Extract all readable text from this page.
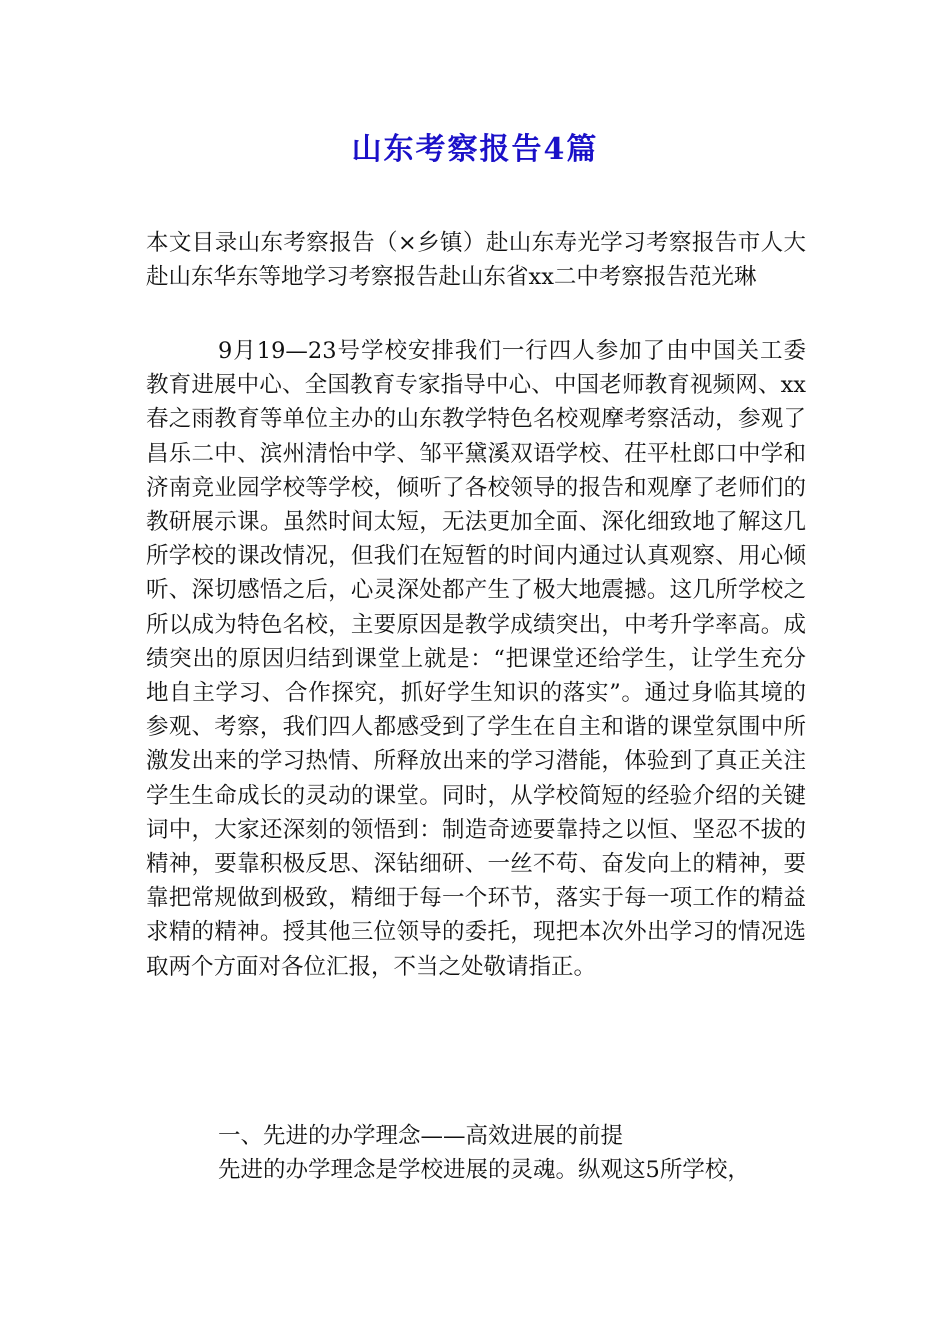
山东考察报告4篇
本文目录山东考察报告（×乡镇）赴山东寿光学习考察报告市人大赴山东华东等地学习考察报告赴山东省xx二中考察报告范光琳
9月19—23号学校安排我们一行四人参加了由中国关工委教育进展中心、全国教育专家指导中心、中国老师教育视频网、xx春之雨教育等单位主办的山东教学特色名校观摩考察活动，参观了昌乐二中、滨州清怡中学、邹平黛溪双语学校、茌平杜郎口中学和济南竞业园学校等学校，倾听了各校领导的报告和观摩了老师们的教研展示课。虽然时间太短，无法更加全面、深化细致地了解这几所学校的课改情况，但我们在短暂的时间内通过认真观察、用心倾听、深切感悟之后，心灵深处都产生了极大地震撼。这几所学校之所以成为特色名校，主要原因是教学成绩突出，中考升学率高。成绩突出的原因归结到课堂上就是：“把课堂还给学生，让学生充分地自主学习、合作探究，抓好学生知识的落实”。通过身临其境的参观、考察，我们四人都感受到了学生在自主和谐的课堂氛围中所激发出来的学习热情、所释放出来的学习潜能，体验到了真正关注学生生命成长的灵动的课堂。同时，从学校简短的经验介绍的关键词中，大家还深刻的领悟到：制造奇迹要靠持之以恒、坚忍不拔的精神，要靠积极反思、深钻细研、一丝不苟、奋发向上的精神，要靠把常规做到极致，精细于每一个环节，落实于每一项工作的精益求精的精神。授其他三位领导的委托，现把本次外出学习的情况选取两个方面对各位汇报，不当之处敬请指正。
一、先进的办学理念——高效进展的前提
先进的办学理念是学校进展的灵魂。纵观这5所学校，
